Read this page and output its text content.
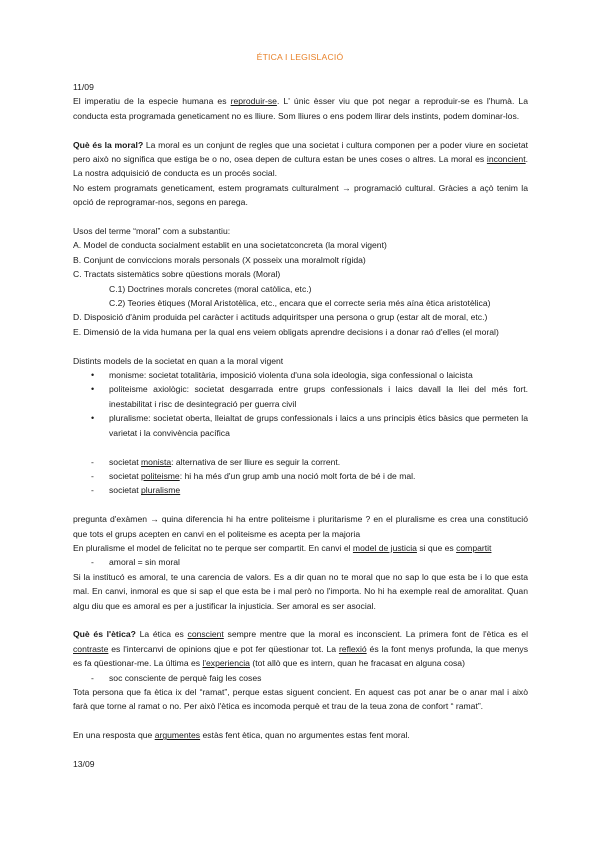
ÉTICA I LEGISLACIÓ

11/09

El imperatiu de la especie humana es reproduir-se. L' únic èsser viu que pot negar a reproduir-se es l'humà. La conducta esta programada geneticament no es lliure. Som lliures o ens podem llirar dels instints, podem dominar-los.

Què és la moral? La moral es un conjunt de regles que una societat i cultura componen per a poder viure en societat pero això no significa que estiga be o no, osea depen de cultura estan be unes coses o altres. La moral es inconcient. La nostra adquisició de conducta es un procés social.

No estem programats geneticament, estem programats culturalment → programació cultural. Gràcies a açò tenim la opció de reprogramar-nos, segons en parega.

Usos del terme “moral” com a substantiu:

A. Model de conducta socialment establit en una societatconcreta (la moral vigent)

B. Conjunt de conviccions morals personals (X posseix una moralmolt rígida)

C. Tractats sistemàtics sobre qüestions morals (Moral)

C.1) Doctrines morals concretes (moral catòlica, etc.)

C.2) Teories ètiques (Moral Aristotèlica, etc., encara que el correcte seria més aína ètica aristotèlica)

D. Disposició d'ànim produida pel caràcter i actituds adquiritsper una persona o grup (estar alt de moral, etc.)

E. Dimensió de la vida humana per la qual ens veiem obligats aprendre decisions i a donar raó d'elles (el moral)

Distints models de la societat en quan a la moral vigent

• monisme: societat totalitària, imposició violenta d'una sola ideologia, siga confessional o laicista
• politeisme axiològic: societat desgarrada entre grups confessionals i laics davall la llei del més fort. inestabilitat i risc de desintegració per guerra civil
• pluralisme: societat oberta, lleialtat de grups confessionals i laics a uns principis ètics bàsics que permeten la varietat i la convivència pacífica
- societat monista: alternativa de ser lliure es seguir la corrent.
- societat politeisme: hi ha més d'un grup amb una noció molt forta de bé i de mal.
- societat pluralisme

pregunta d'exàmen → quina diferencia hi ha entre politeisme i pluritarisme ? en el pluralisme es crea una constitució que tots el grups acepten en canvi en el politeisme es acepta per la majoria

En pluralisme el model de felicitat no te perque ser compartit. En canvi el model de justicia si que es compartit

- amoral = sin moral

Si la institucó es amoral, te una carencia de valors. Es a dir quan no te moral que no sap lo que esta be i lo que esta mal. En canvi, inmoral es que si sap el que esta be i mal però no l'importa. No hi ha exemple real de amoralitat. Quan algu diu que es amoral es per a justificar la injusticia. Ser amoral es ser asocial.

Què és l'ètica? La ética es conscient sempre mentre que la moral es inconscient. La primera font de l'ètica es el contraste es l'intercanvi de opinions qjue e pot fer qüestionar tot. La reflexió és la font menys profunda, la que menys es fa qüestionar-me. La última es l'experiencia (tot allò que es intern, quan he fracasat en alguna cosa)

- soc consciente de perquè faig les coses

Tota persona que fa ètica ix del “ramat”, perque estas siguent concient. En aquest cas pot anar be o anar mal i això farà que torne al ramat o no. Per això l'ètica es incomoda perquè et trau de la teua zona de confort “ ramat”.

En una resposta que argumentes estàs fent ètica, quan no argumentes estas fent moral.

13/09
